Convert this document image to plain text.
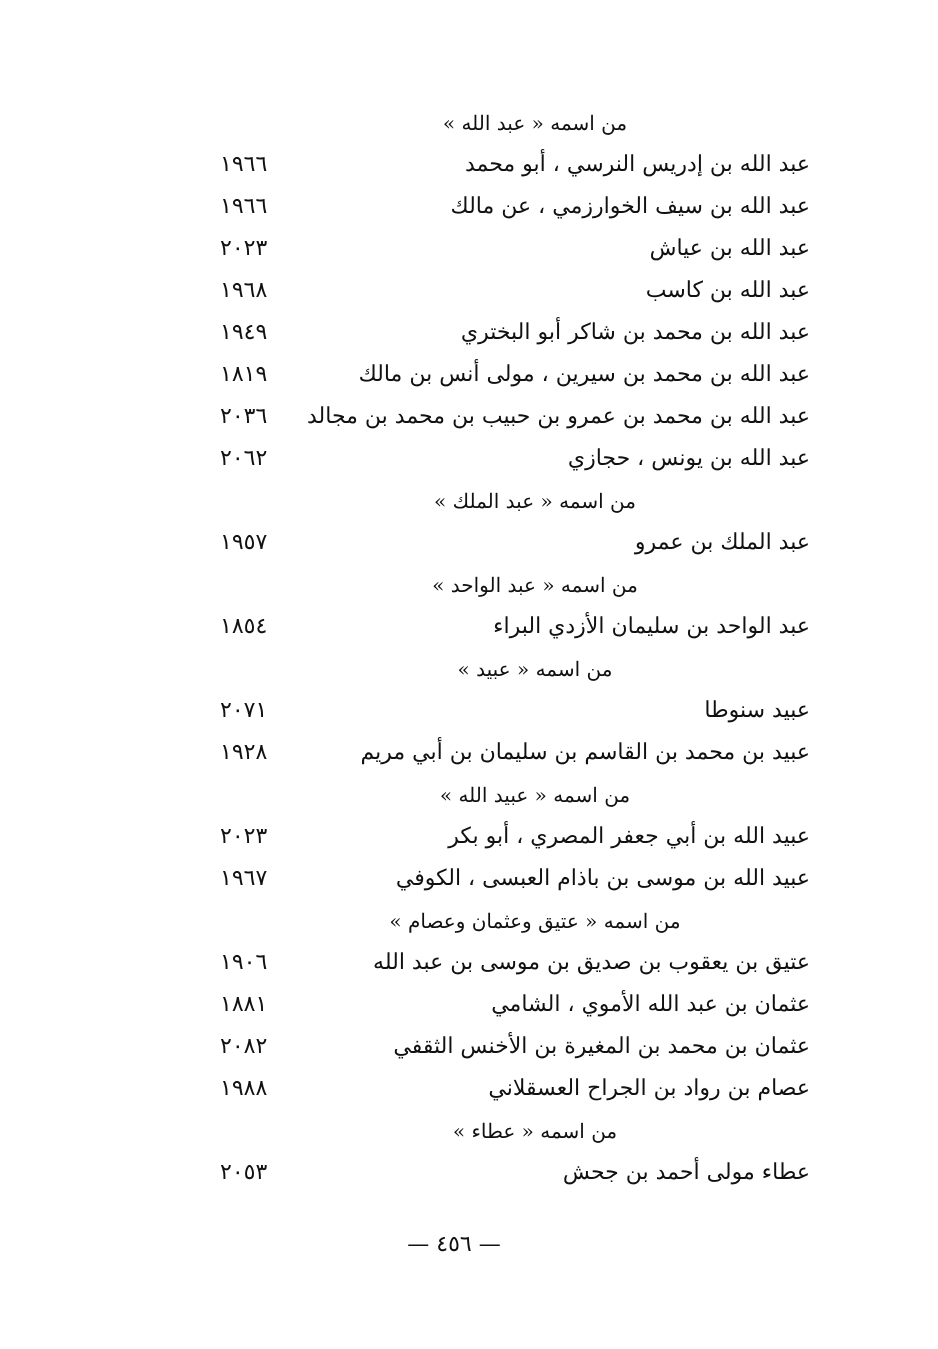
من اسمه « عبد الله »
عبد الله بن إدريس النرسي ، أبو محمد
١٩٦٦
عبد الله بن سيف الخوارزمي ، عن مالك
١٩٦٦
عبد الله بن عياش
٢٠٢٣
عبد الله بن كاسب
١٩٦٨
عبد الله بن محمد بن شاكر أبو البختري
١٩٤٩
عبد الله بن محمد بن سيرين ، مولى أنس بن مالك
١٨١٩
عبد الله بن محمد بن عمرو بن حبيب بن محمد بن مجالد
٢٠٣٦
عبد الله بن يونس ، حجازي
٢٠٦٢
من اسمه « عبد الملك »
عبد الملك بن عمرو
١٩٥٧
من اسمه « عبد الواحد »
عبد الواحد بن سليمان الأزدي البراء
١٨٥٤
من اسمه « عبيد »
عبيد سنوطا
٢٠٧١
عبيد بن محمد بن القاسم بن سليمان بن أبي مريم
١٩٢٨
من اسمه « عبيد الله »
عبيد الله بن أبي جعفر المصري ، أبو بكر
٢٠٢٣
عبيد الله بن موسى بن باذام العبسى ، الكوفي
١٩٦٧
من اسمه « عتيق وعثمان وعصام »
عتيق بن يعقوب بن صديق بن موسى بن عبد الله
١٩٠٦
عثمان بن عبد الله الأموي ، الشامي
١٨٨١
عثمان بن محمد بن المغيرة بن الأخنس الثقفي
٢٠٨٢
عصام بن رواد بن الجراح العسقلاني
١٩٨٨
من اسمه « عطاء »
عطاء مولى أحمد بن جحش
٢٠٥٣
— ٤٥٦ —
